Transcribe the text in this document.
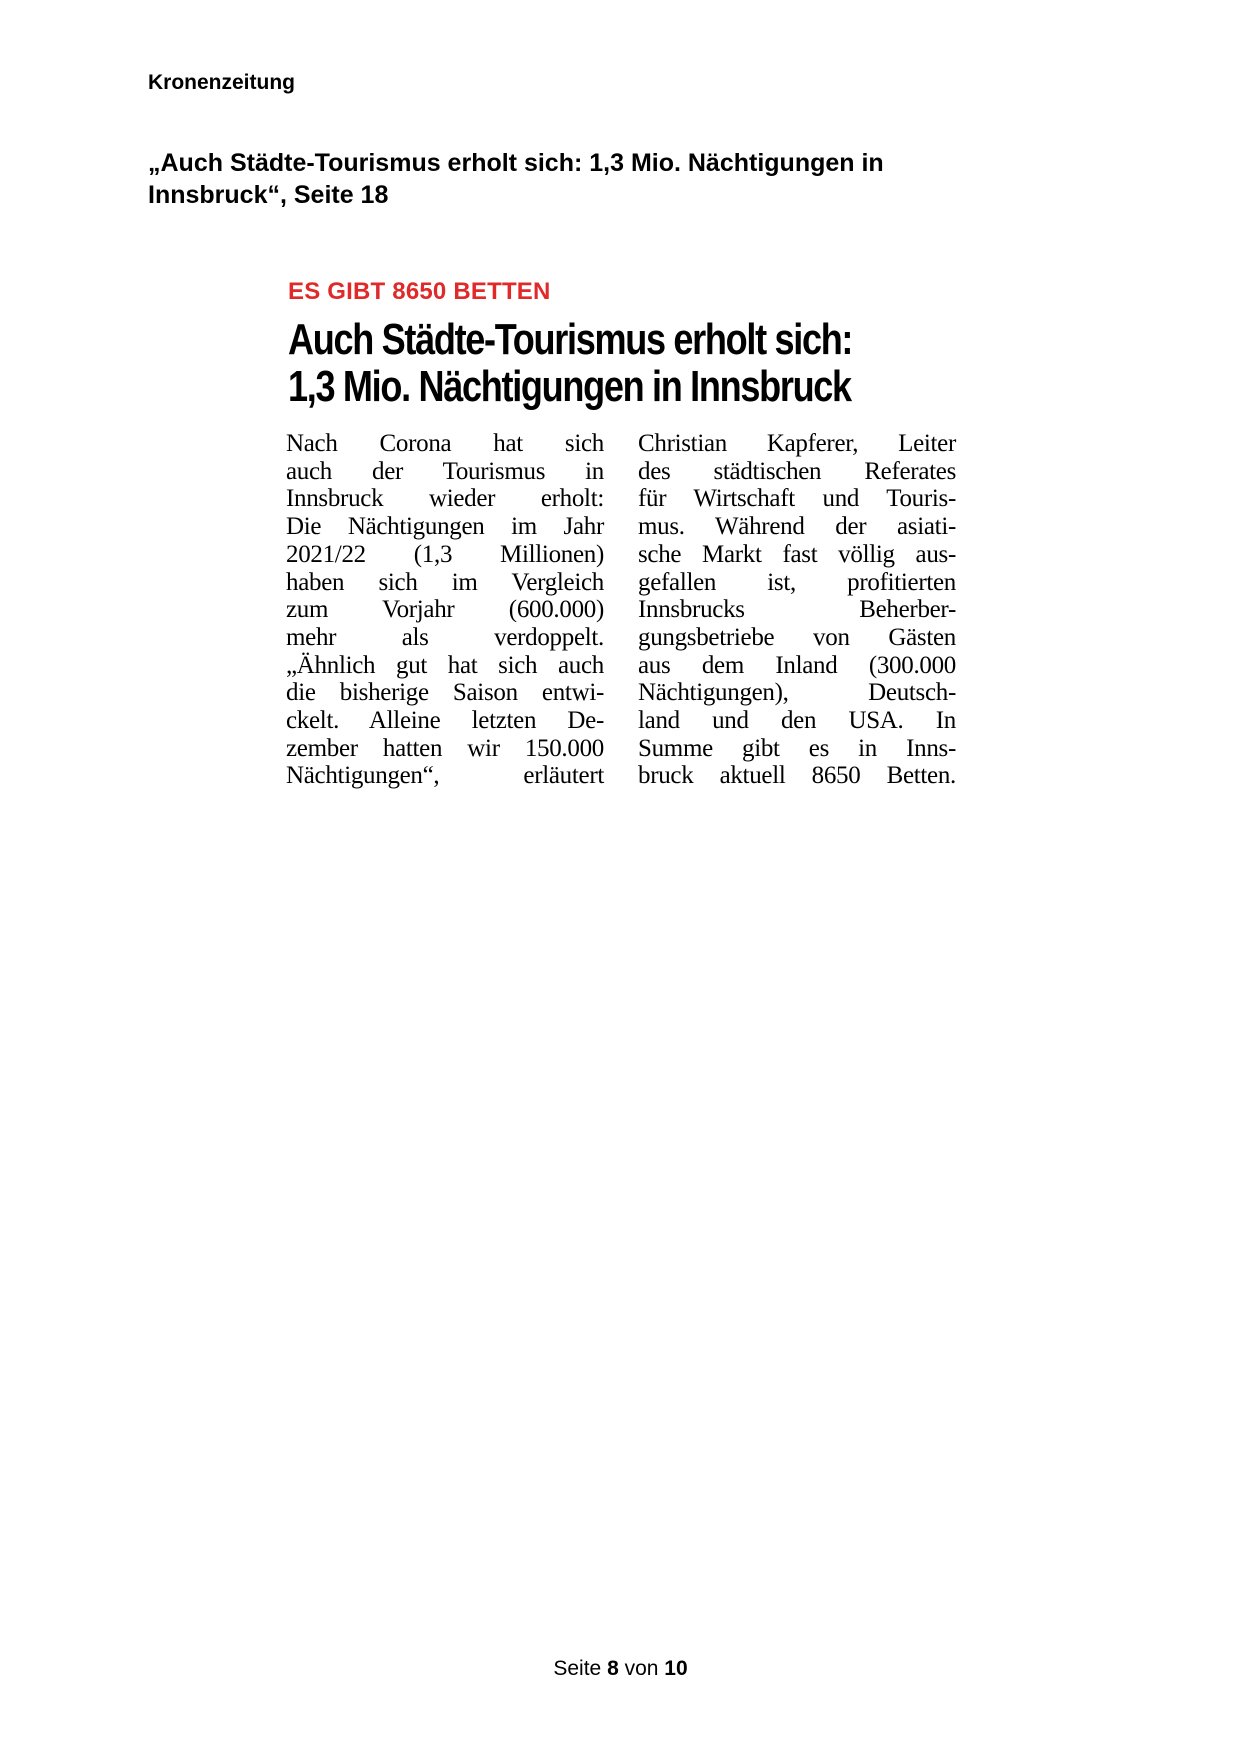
Kronenzeitung
„Auch Städte-Tourismus erholt sich: 1,3 Mio. Nächtigungen in
Innsbruck“, Seite 18
ES GIBT 8650 BETTEN
Auch Städte-Tourismus erholt sich:
1,3 Mio. Nächtigungen in Innsbruck
Nach Corona hat sich
auch der Tourismus in
Innsbruck wieder erholt:
Die Nächtigungen im Jahr
2021/22 (1,3 Millionen)
haben sich im Vergleich
zum Vorjahr (600.000)
mehr als verdoppelt.
„Ähnlich gut hat sich auch
die bisherige Saison entwi-
ckelt. Alleine letzten De-
zember hatten wir 150.000
Nächtigungen“, erläutert
Christian Kapferer, Leiter
des städtischen Referates
für Wirtschaft und Touris-
mus. Während der asiati-
sche Markt fast völlig aus-
gefallen ist, profitierten
Innsbrucks Beherber-
gungsbetriebe von Gästen
aus dem Inland (300.000
Nächtigungen), Deutsch-
land und den USA. In
Summe gibt es in Inns-
bruck aktuell 8650 Betten.
Seite 8 von 10
